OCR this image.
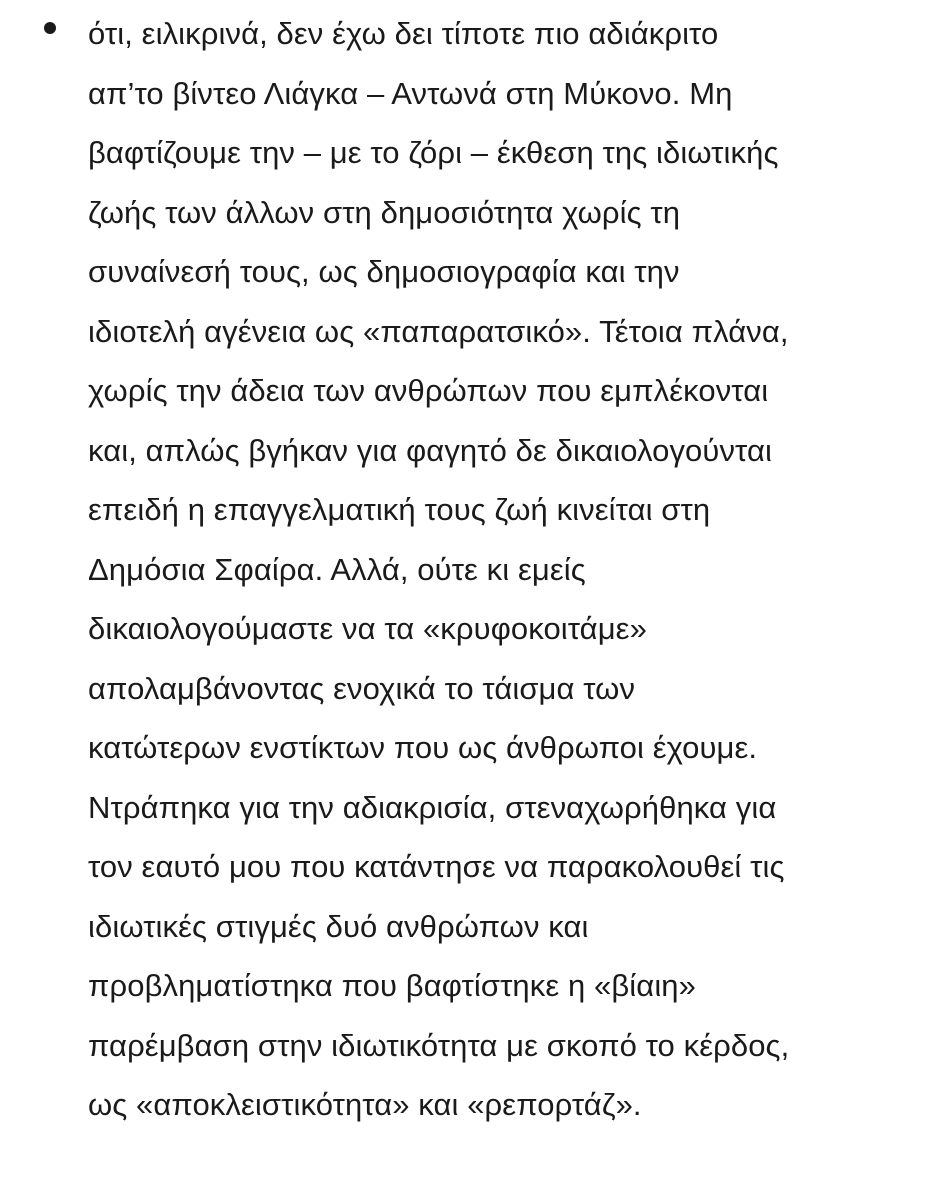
ότι, ειλικρινά, δεν έχω δει τίποτε πιο αδιάκριτο
απ’το βίντεο Λιάγκα – Αντωνά στη Μύκονο. Μη
βαφτίζουμε την – με το ζόρι – έκθεση της ιδιωτικής
ζωής των άλλων στη δημοσιότητα χωρίς τη
συναίνεσή τους, ως δημοσιογραφία και την
ιδιοτελή αγένεια ως «παπαρατσικό». Τέτοια πλάνα,
χωρίς την άδεια των ανθρώπων που εμπλέκονται
και, απλώς βγήκαν για φαγητό δε δικαιολογούνται
επειδή η επαγγελματική τους ζωή κινείται στη
Δημόσια Σφαίρα. Αλλά, ούτε κι εμείς
δικαιολογούμαστε να τα «κρυφοκοιτάμε»
απολαμβάνοντας ενοχικά το τάισμα των
κατώτερων ενστίκτων που ως άνθρωποι έχουμε.
Ντράπηκα για την αδιακρισία, στεναχωρήθηκα για
τον εαυτό μου που κατάντησε να παρακολουθεί τις
ιδιωτικές στιγμές δυό ανθρώπων και
προβληματίστηκα που βαφτίστηκε η «βίαιη»
παρέμβαση στην ιδιωτικότητα με σκοπό το κέρδος,
ως «αποκλειστικότητα» και «ρεπορτάζ».
